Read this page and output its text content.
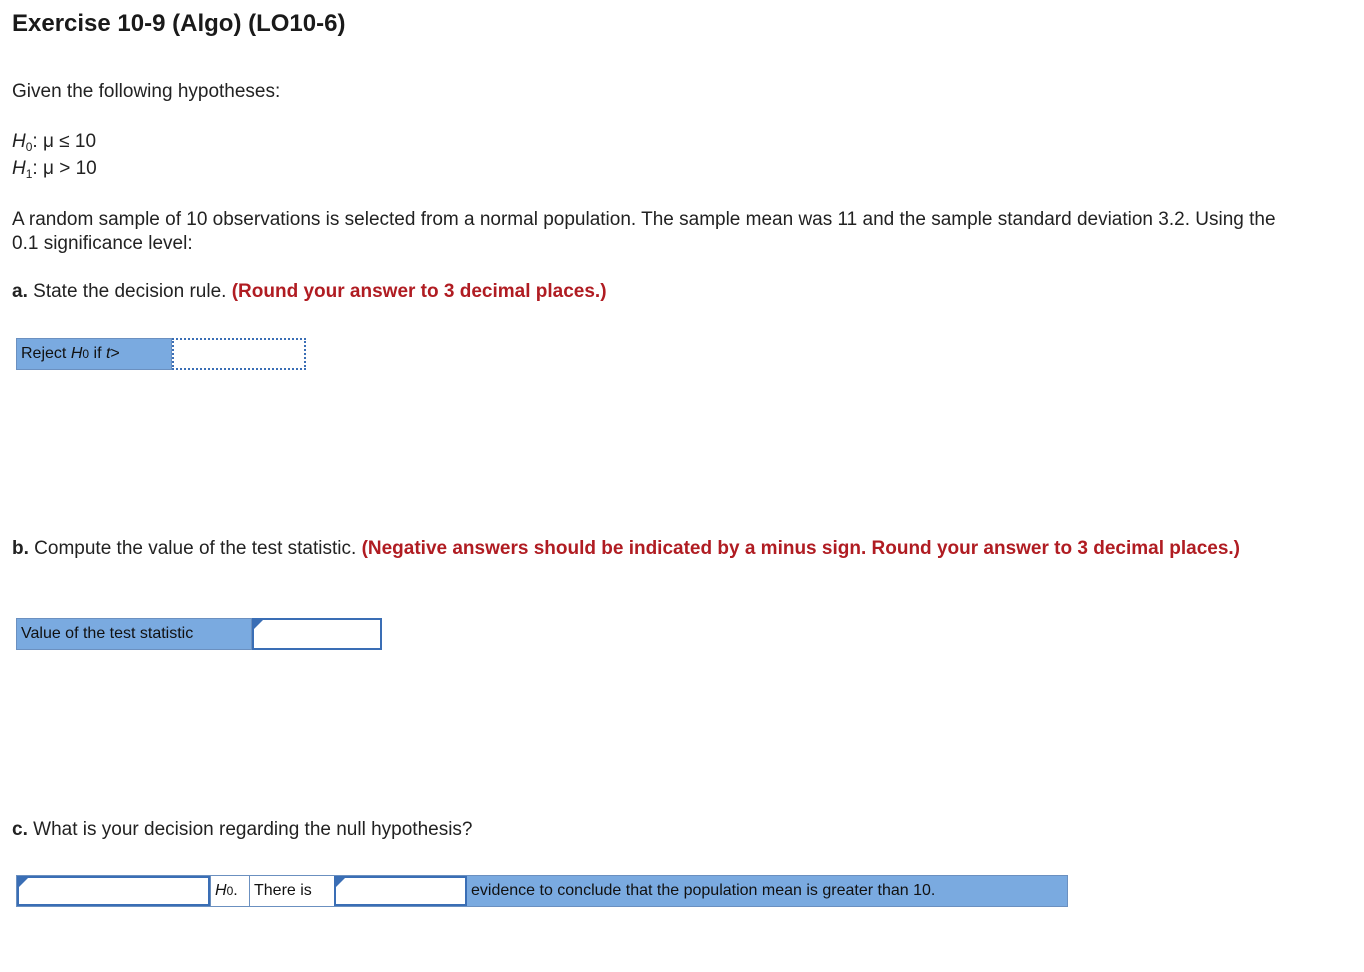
Exercise 10-9 (Algo) (LO10-6)
Given the following hypotheses:
$H_0$: μ ≤ 10
$H_1$: μ > 10
A random sample of 10 observations is selected from a normal population. The sample mean was 11 and the sample standard deviation 3.2. Using the 0.1 significance level:
a. State the decision rule. (Round your answer to 3 decimal places.)
Reject
H 0
if
t >
b. Compute the value of the test statistic. (Negative answers should be indicated by a minus sign. Round your answer to 3 decimal places.)
Value of the test statistic
c. What is your decision regarding the null hypothesis?
H 0 . There is	evidence to conclude that the population mean is greater than 10.
